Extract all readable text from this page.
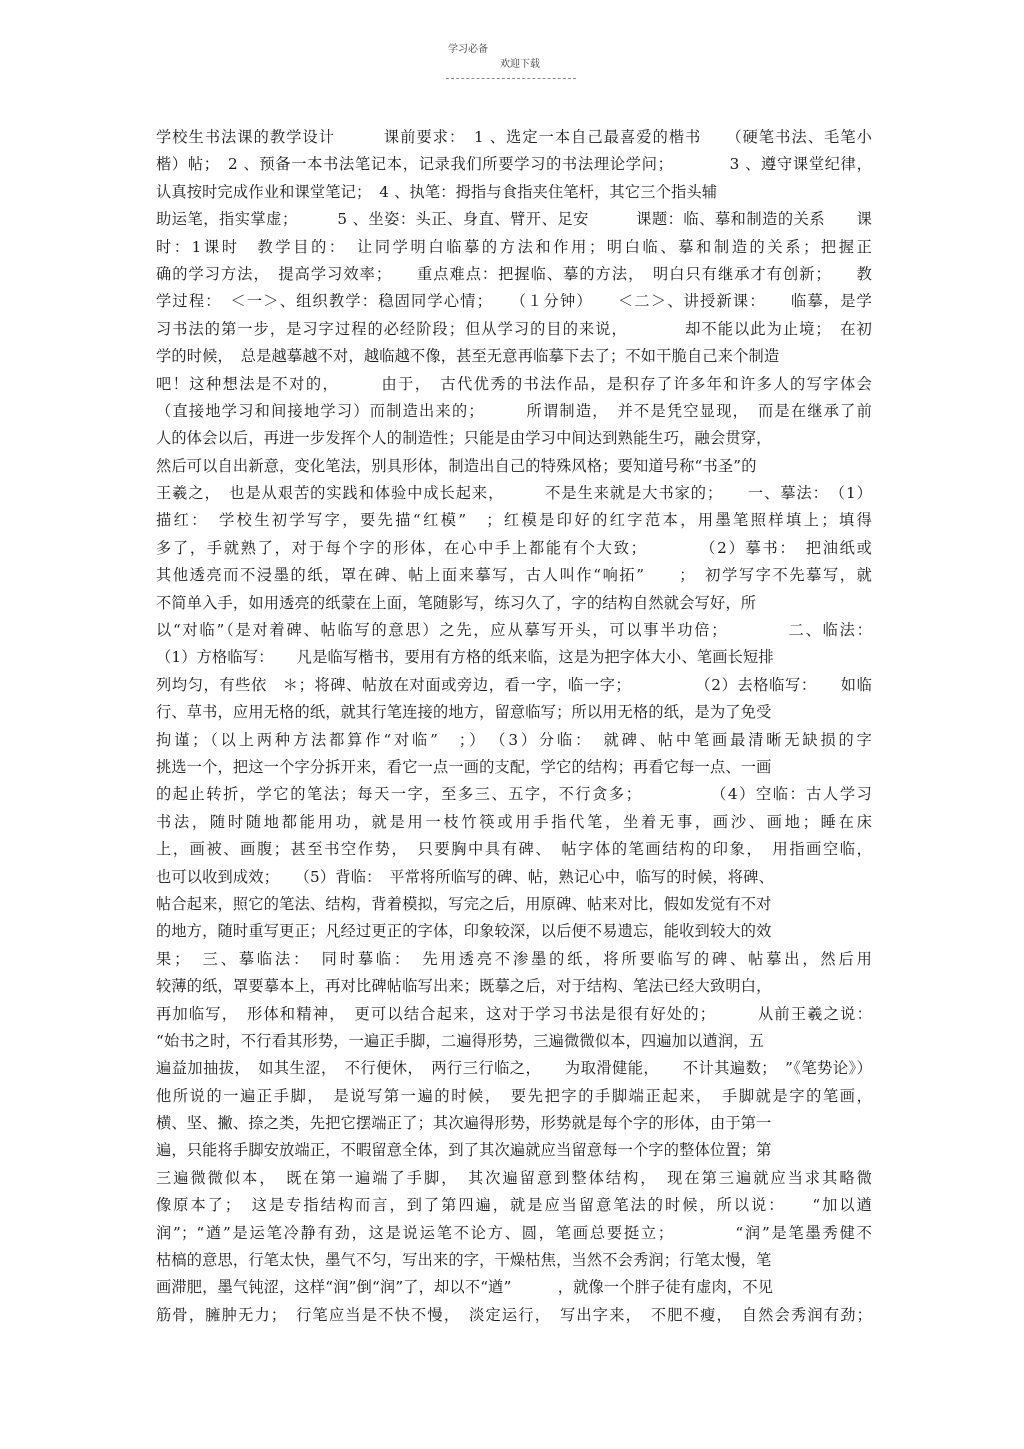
学习必备 欢迎下载
学校生书法课的教学设计　　　课前要求：　1 、选定一本自己最喜爱的楷书　　（硬笔书法、毛笔小
楷）帖；　2 、预备一本书法笔记本，记录我们所要学习的书法理论学问；　　　　3 、遵守课堂纪律，
认真按时完成作业和课堂笔记；　4 、执笔：拇指与食指夹住笔杆，其它三个指头辅
助运笔，指实掌虚；　　　5 、坐姿：头正、身直、臂开、足安　　　课题：临、摹和制造的关系　　课
时：1课时　教学目的：　让同学明白临摹的方法和作用；明白临、摹和制造的关系；把握正
确的学习方法，　提高学习效率；　　重点难点：把握临、摹的方法，　明白只有继承才有创新；　　教
学过程：　＜一＞、组织教学：稳固同学心情；　　（１分钟）　　＜二＞、讲授新课：　　临摹，是学
习书法的第一步，是习字过程的必经阶段；但从学习的目的来说，　　　　却不能以此为止境；　在初
学的时候，　总是越摹越不对，越临越不像，甚至无意再临摹下去了；不如干脆自己来个制造
吧！这种想法是不对的，　　　由于，　古代优秀的书法作品，是积存了许多年和许多人的写字体会
（直接地学习和间接地学习）而制造出来的；　　　所谓制造，　并不是凭空显现，　而是在继承了前
人的体会以后，再进一步发挥个人的制造性；只能是由学习中间达到熟能生巧，融会贯穿，
然后可以自出新意，变化笔法，别具形体，制造出自己的特殊风格；要知道号称“书圣”的
王羲之，　也是从艰苦的实践和体验中成长起来，　　　不是生来就是大书家的；　　一、摹法：　（1）
描红：　学校生初学写字，要先描“红模”　；红模是印好的红字范本，用墨笔照样填上；填得
多了，手就熟了，对于每个字的形体，在心中手上都能有个大致；　　　　（2）摹书：　把油纸或
其他透亮而不浸墨的纸，罩在碑、帖上面来摹写，古人叫作“响拓”　　；　初学写字不先摹写，就
不简单入手，如用透亮的纸蒙在上面，笔随影写，练习久了，字的结构自然就会写好，所
以“对临”（是对着碑、帖临写的意思）之先，应从摹写开头，可以事半功倍；　　　　二、临法：
（1）方格临写：　　凡是临写楷书，要用有方格的纸来临，这是为把字体大小、笔画长短排
列均匀，有些依　＊；将碑、帖放在对面或旁边，看一字，临一字；　　　　　（2）去格临写：　　如临
行、草书，应用无格的纸，就其行笔连接的地方，留意临写；所以用无格的纸，是为了免受
拘谨；（以上两种方法都算作“对临”　；）　（3）分临：　就碑、帖中笔画最清晰无缺损的字
挑选一个，把这一个字分拆开来，看它一点一画的支配，学它的结构；再看它每一点、一画
的起止转折，学它的笔法；每天一字，至多三、五字，不行贪多；　　　　　（4）空临：古人学习
书法，随时随地都能用功，就是用一枝竹筷或用手指代笔，坐着无事，画沙、画地；睡在床
上，画被、画腹；甚至书空作势，　只要胸中具有碑、　帖字体的笔画结构的印象，　用指画空临，
也可以收到成效；　　（5）背临：　平常将所临写的碑、帖，熟记心中，临写的时候，将碑、
帖合起来，照它的笔法、结构，背着模拟，写完之后，用原碑、帖来对比，假如发觉有不对
的地方，随时重写更正；凡经过更正的字体，印象较深，以后便不易遗忘，能收到较大的效
果；　三、摹临法：　同时摹临：　先用透亮不渗墨的纸，将所要临写的碑、帖摹出，然后用
较薄的纸，罩要摹本上，再对比碑帖临写出来；既摹之后，对于结构、笔法已经大致明白，
再加临写，　形体和精神，　更可以结合起来，这对于学习书法是很有好处的；　　　从前王羲之说：
“始书之时，不行看其形势，一遍正手脚，二遍得形势，三遍微微似本，四遍加以遒润，五
遍益加抽拔，　如其生涩，　不行便休，　两行三行临之，　　为取滑健能，　　不计其遍数；　”《笔势论》）
他所说的一遍正手脚，　是说写第一遍的时候，　要先把字的手脚端正起来，　手脚就是字的笔画，
横、坚、撇、捺之类，先把它摆端正了；其次遍得形势，形势就是每个字的形体，由于第一
遍，只能将手脚安放端正，不暇留意全体，到了其次遍就应当留意每一个字的整体位置；第
三遍微微似本，　既在第一遍端了手脚，　其次遍留意到整体结构，　现在第三遍就应当求其略微
像原本了；　这是专指结构而言，到了第四遍，就是应当留意笔法的时候，所以说：　　“加以遒
润”；“遒”是运笔冷静有劲，这是说运笔不论方、圆，笔画总要挺立；　　　　“润”是笔墨秀健不
枯槁的意思，行笔太快，墨气不匀，写出来的字，干燥枯焦，当然不会秀润；行笔太慢，笔
画滞肥，墨气钝涩，这样“润”倒“润”了，却以不“遒”　　　，就像一个胖子徒有虚肉，不见
筋骨，臃肿无力；　行笔应当是不快不慢，　淡定运行，　写出字来，　不肥不瘦，　自然会秀润有劲；
